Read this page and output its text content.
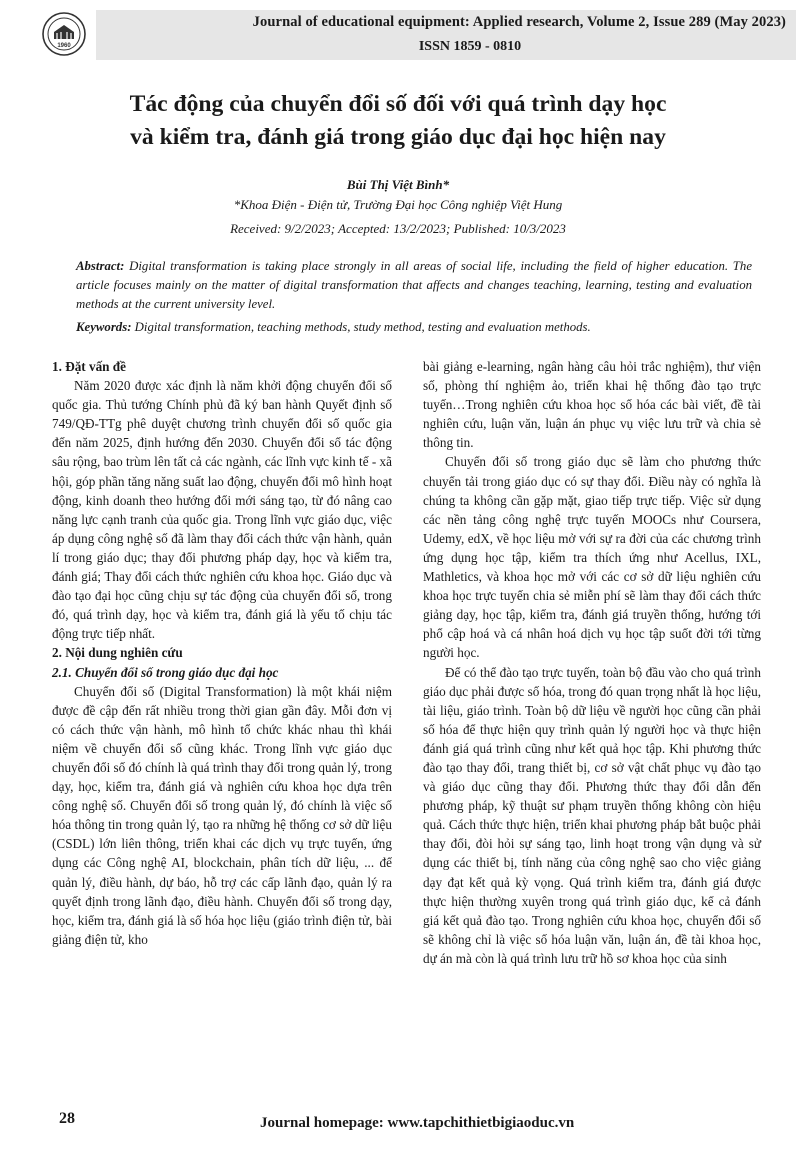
1960
Journal of educational equipment: Applied research, Volume 2, Issue 289 (May 2023)
ISSN 1859 - 0810
Tác động của chuyển đổi số đối với quá trình dạy học
và kiểm tra, đánh giá trong giáo dục đại học hiện nay
Bùi Thị Việt Bình*
*Khoa Điện - Điện tử, Trường Đại học Công nghiệp Việt Hung
Received: 9/2/2023; Accepted: 13/2/2023; Published: 10/3/2023
Abstract: Digital transformation is taking place strongly in all areas of social life, including the field of higher education. The article focuses mainly on the matter of digital transformation that affects and changes teaching, learning, testing and evaluation methods at the current university level.
Keywords: Digital transformation, teaching methods, study method, testing and evaluation methods.
1. Đặt vấn đề

Năm 2020 được xác định là năm khởi động chuyển đổi số quốc gia. Thủ tướng Chính phủ đã ký ban hành Quyết định số 749/QĐ-TTg phê duyệt chương trình chuyển đổi số quốc gia đến năm 2025, định hướng đến 2030. Chuyển đổi số tác động sâu rộng, bao trùm lên tất cả các ngành, các lĩnh vực kinh tế - xã hội, góp phần tăng năng suất lao động, chuyển đổi mô hình hoạt động, kinh doanh theo hướng đổi mới sáng tạo, từ đó nâng cao năng lực cạnh tranh của quốc gia. Trong lĩnh vực giáo dục, việc áp dụng công nghệ số đã làm thay đổi cách thức vận hành, quản lí trong giáo dục; thay đổi phương pháp dạy, học và kiểm tra, đánh giá; Thay đổi cách thức nghiên cứu khoa học. Giáo dục và đào tạo đại học cũng chịu sự tác động của chuyển đổi số, trong đó, quá trình dạy, học và kiểm tra, đánh giá là yếu tố chịu tác động trực tiếp nhất.

2. Nội dung nghiên cứu
2.1. Chuyển đổi số trong giáo dục đại học

Chuyển đổi số (Digital Transformation) là một khái niệm được đề cập đến rất nhiều trong thời gian gần đây. Mỗi đơn vị có cách thức vận hành, mô hình tổ chức khác nhau thì khái niệm về chuyển đổi số cũng khác. Trong lĩnh vực giáo dục chuyển đổi số đó chính là quá trình thay đổi trong quản lý, trong dạy, học, kiểm tra, đánh giá và nghiên cứu khoa học dựa trên công nghệ số. Chuyển đổi số trong quản lý, đó chính là việc số hóa thông tin trong quản lý, tạo ra những hệ thống cơ sở dữ liệu (CSDL) lớn liên thông, triển khai các dịch vụ trực tuyến, ứng dụng các Công nghệ AI, blockchain, phân tích dữ liệu, ... để quản lý, điều hành, dự báo, hỗ trợ các cấp lãnh đạo, quản lý ra quyết định trong lãnh đạo, điều hành. Chuyển đổi số trong dạy, học, kiểm tra, đánh giá là số hóa học liệu (giáo trình điện tử, bài giảng điện tử, kho

bài giảng e-learning, ngân hàng câu hỏi trắc nghiệm), thư viện số, phòng thí nghiệm ảo, triển khai hệ thống đào tạo trực tuyến…Trong nghiên cứu khoa học số hóa các bài viết, đề tài nghiên cứu, luận văn, luận án phục vụ việc lưu trữ và chia sẻ thông tin.

Chuyển đổi số trong giáo dục sẽ làm cho phương thức chuyển tải trong giáo dục có sự thay đổi. Điều này có nghĩa là chúng ta không cần gặp mặt, giao tiếp trực tiếp. Việc sử dụng các nền tảng công nghệ trực tuyến MOOCs như Coursera, Udemy, edX, về học liệu mở với sự ra đời của các chương trình ứng dụng học tập, kiểm tra thích ứng như Acellus, IXL, Mathletics, và khoa học mở với các cơ sở dữ liệu nghiên cứu khoa học trực tuyến chia sẻ miễn phí sẽ làm thay đổi cách thức giảng dạy, học tập, kiểm tra, đánh giá truyền thống, hướng tới phổ cập hoá và cá nhân hoá dịch vụ học tập suốt đời tới từng người học.

Để có thể đào tạo trực tuyến, toàn bộ đầu vào cho quá trình giáo dục phải được số hóa, trong đó quan trọng nhất là học liệu, tài liệu, giáo trình. Toàn bộ dữ liệu về người học cũng cần phải số hóa để thực hiện quy trình quản lý người học và thực hiện đánh giá quá trình cũng như kết quả học tập. Khi phương thức đào tạo thay đổi, trang thiết bị, cơ sở vật chất phục vụ đào tạo và giáo dục cũng thay đổi. Phương thức thay đổi dẫn đến phương pháp, kỹ thuật sư phạm truyền thống không còn hiệu quả. Cách thức thực hiện, triển khai phương pháp bắt buộc phải thay đổi, đòi hỏi sự sáng tạo, linh hoạt trong vận dụng và sử dụng các thiết bị, tính năng của công nghệ sao cho việc giảng dạy đạt kết quả kỳ vọng. Quá trình kiểm tra, đánh giá được thực hiện thường xuyên trong quá trình giáo dục, kể cả đánh giá kết quả đào tạo. Trong nghiên cứu khoa học, chuyển đổi số sẽ không chỉ là việc số hóa luận văn, luận án, đề tài khoa học, dự án mà còn là quá trình lưu trữ hồ sơ khoa học của sinh

28	Journal homepage: www.tapchithietbigiaoduc.vn
